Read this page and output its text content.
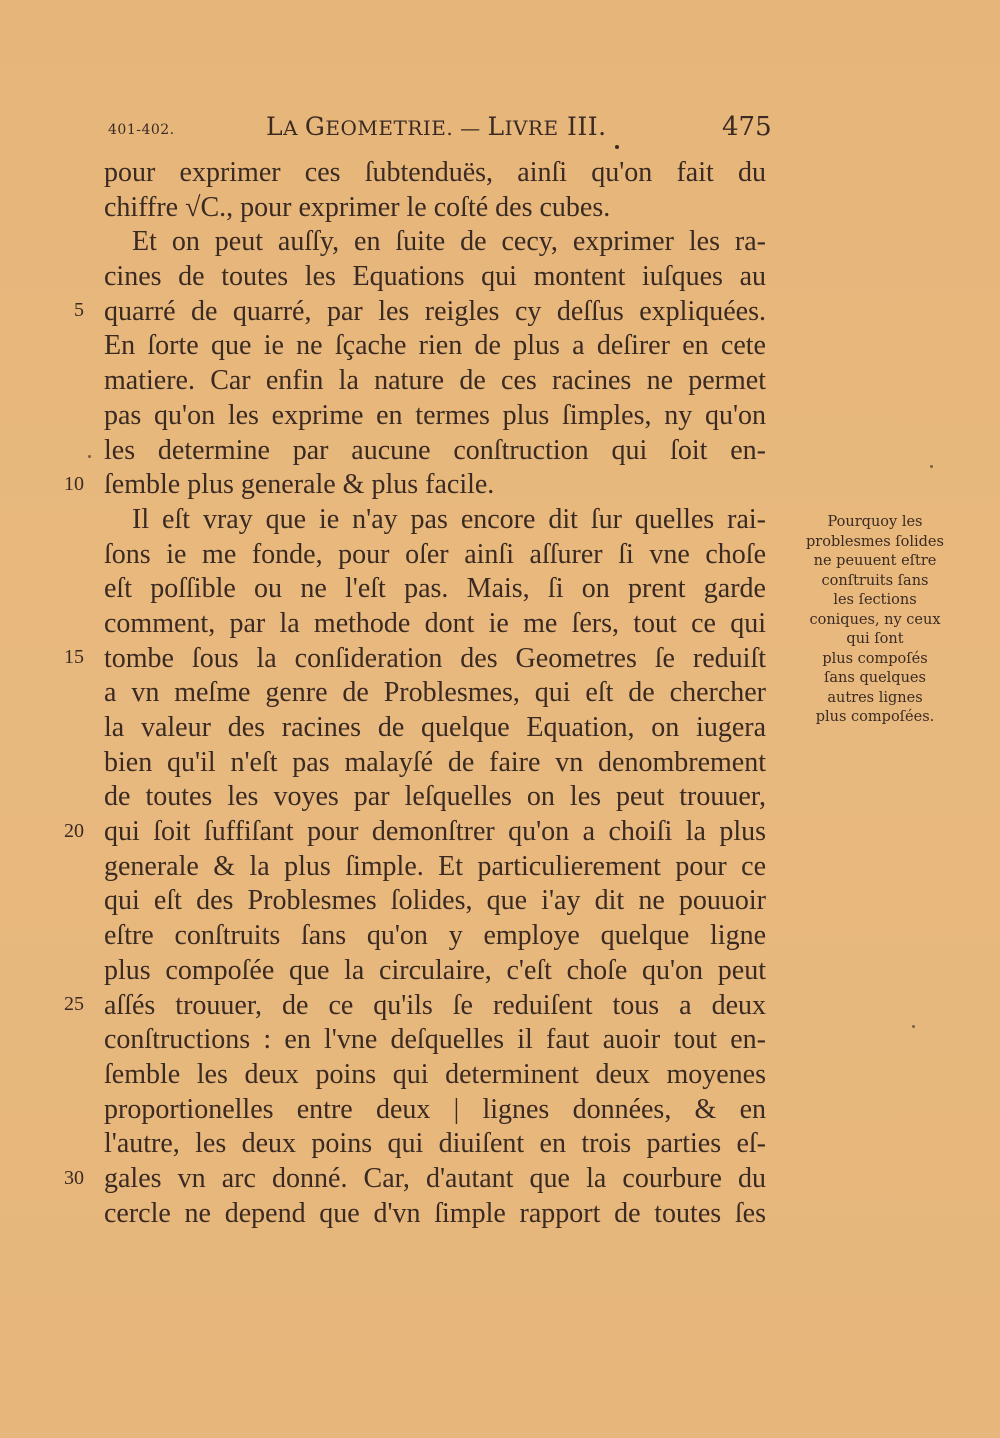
401-402.	LA GEOMETRIE. — LIVRE III.	475
pour exprimer ces ſubtenduës, ainſi qu'on fait du
chiffre √C., pour exprimer le coſté des cubes.
Et on peut auſſy, en ſuite de cecy, exprimer les ra-
cines de toutes les Equations qui montent iuſques au
quarré de quarré, par les reigles cy deſſus expliquées.
En ſorte que ie ne ſçache rien de plus a deſirer en cete
matiere. Car enfin la nature de ces racines ne permet
pas qu'on les exprime en termes plus ſimples, ny qu'on
les determine par aucune conſtruction qui ſoit en-
ſemble plus generale & plus facile.
Il eſt vray que ie n'ay pas encore dit ſur quelles rai-
ſons ie me fonde, pour oſer ainſi aſſurer ſi vne choſe
eſt poſſible ou ne l'eſt pas. Mais, ſi on prent garde
comment, par la methode dont ie me ſers, tout ce qui
tombe ſous la conſideration des Geometres ſe reduiſt
a vn meſme genre de Problesmes, qui eſt de chercher
la valeur des racines de quelque Equation, on iugera
bien qu'il n'eſt pas malayſé de faire vn denombrement
de toutes les voyes par leſquelles on les peut trouuer,
qui ſoit ſuffiſant pour demonſtrer qu'on a choiſi la plus
generale & la plus ſimple. Et particulierement pour ce
qui eſt des Problesmes ſolides, que i'ay dit ne pouuoir
eſtre conſtruits ſans qu'on y employe quelque ligne
plus compoſée que la circulaire, c'eſt choſe qu'on peut
aſſés trouuer, de ce qu'ils ſe reduiſent tous a deux
conſtructions : en l'vne deſquelles il faut auoir tout en-
ſemble les deux poins qui determinent deux moyenes
proportionelles entre deux | lignes données, & en
l'autre, les deux poins qui diuiſent en trois parties eſ-
gales vn arc donné. Car, d'autant que la courbure du
cercle ne depend que d'vn ſimple rapport de toutes ſes
5
10
15
20
25
30
Pourquoy les
problesmes ſolides
ne peuuent eſtre
conſtruits ſans
les ſections
coniques, ny ceux
qui ſont
plus compoſés
ſans quelques
autres lignes
plus compoſées.
